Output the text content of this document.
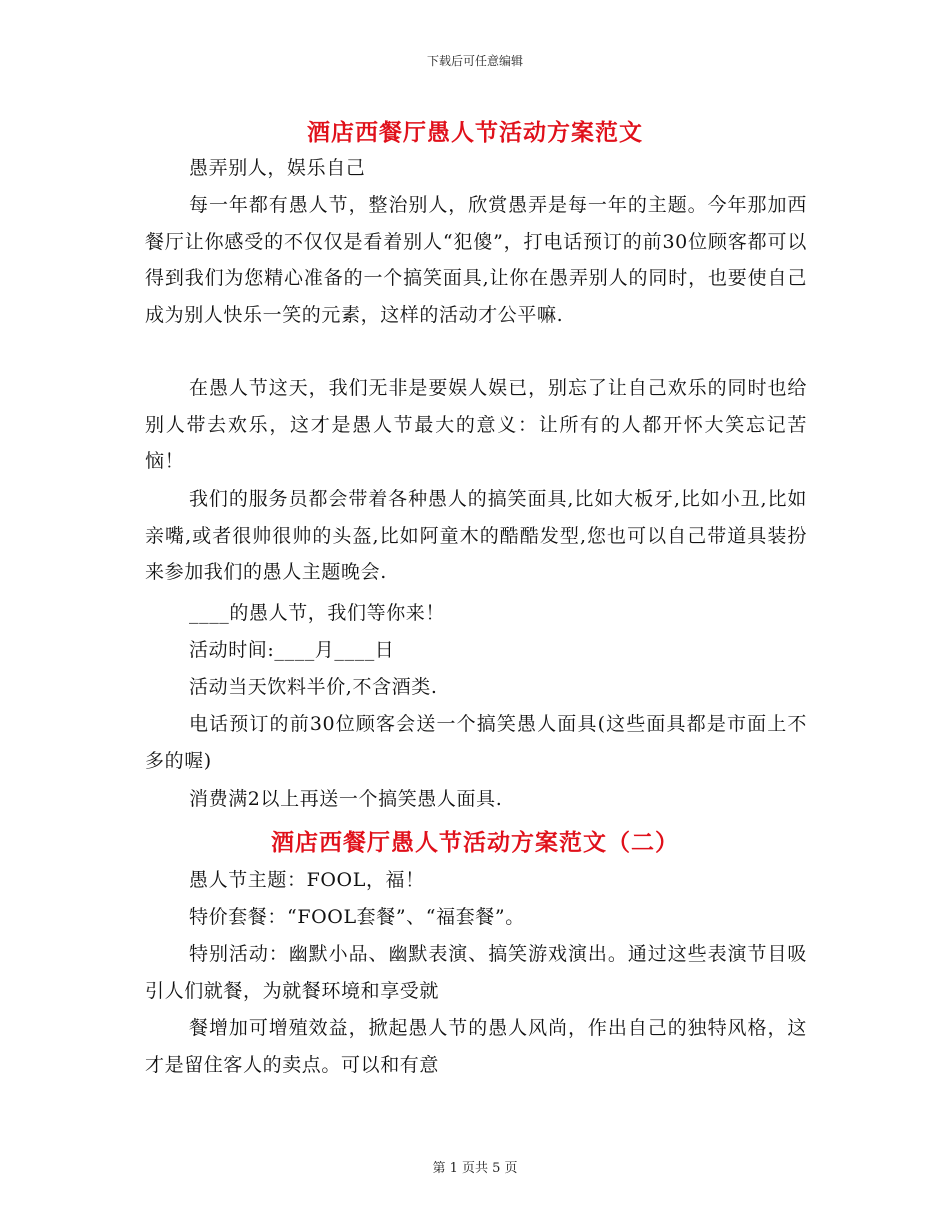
下载后可任意编辑
酒店西餐厅愚人节活动方案范文

愚弄别人，娱乐自己

每一年都有愚人节，整治别人，欣赏愚弄是每一年的主题。今年那加西餐厅让你感受的不仅仅是看着别人“犯傻”，打电话预订的前30位顾客都可以得到我们为您精心准备的一个搞笑面具,让你在愚弄别人的同时，也要使自己成为别人快乐一笑的元素，这样的活动才公平嘛.

在愚人节这天，我们无非是要娱人娱已，别忘了让自己欢乐的同时也给别人带去欢乐，这才是愚人节最大的意义：让所有的人都开怀大笑忘记苦恼！

我们的服务员都会带着各种愚人的搞笑面具,比如大板牙,比如小丑,比如亲嘴,或者很帅很帅的头盔,比如阿童木的酷酷发型,您也可以自己带道具装扮来参加我们的愚人主题晚会.

____的愚人节，我们等你来！

活动时间:____月____日

活动当天饮料半价,不含酒类.

电话预订的前30位顾客会送一个搞笑愚人面具(这些面具都是市面上不多的喔)

消费满2以上再送一个搞笑愚人面具.

酒店西餐厅愚人节活动方案范文（二）

愚人节主题：FOOL，福！

特价套餐：“FOOL套餐”、“福套餐”。

特别活动：幽默小品、幽默表演、搞笑游戏演出。通过这些表演节目吸引人们就餐，为就餐环境和享受就

餐增加可增殖效益，掀起愚人节的愚人风尚，作出自己的独特风格，这才是留住客人的卖点。可以和有意

第 1 页共 5 页
